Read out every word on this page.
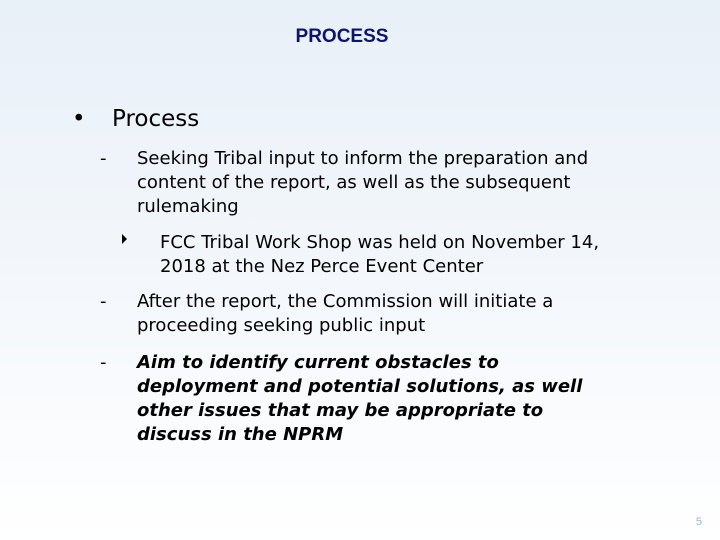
PROCESS
• Process
- Seeking Tribal input to inform the preparation and content of the report, as well as the subsequent rulemaking
FCC Tribal Work Shop was held on November 14, 2018 at the Nez Perce Event Center
- After the report, the Commission will initiate a proceeding seeking public input
- Aim to identify current obstacles to deployment and potential solutions, as well other issues that may be appropriate to discuss in the NPRM
5
